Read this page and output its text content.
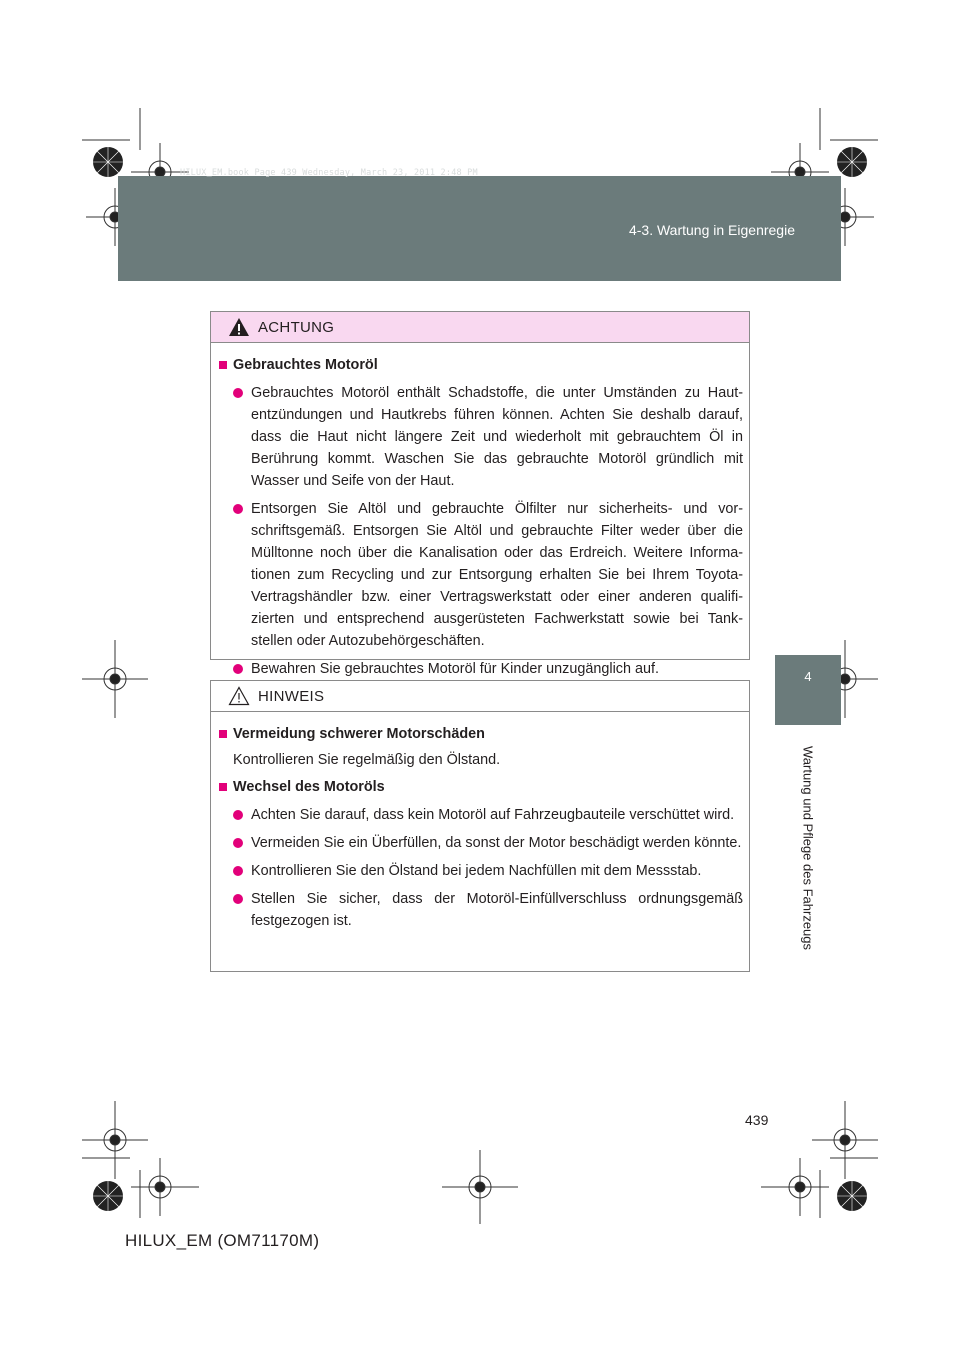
HILUX_EM.book Page 439 Wednesday, March 23, 2011 2:48 PM
4-3. Wartung in Eigenregie
4
Wartung und Pflege des Fahrzeugs
ACHTUNG
Gebrauchtes Motoröl
Gebrauchtes Motoröl enthält Schadstoffe, die unter Umständen zu Haut-entzündungen und Hautkrebs führen können. Achten Sie deshalb darauf, dass die Haut nicht längere Zeit und wiederholt mit gebrauchtem Öl in Berührung kommt. Waschen Sie das gebrauchte Motoröl gründlich mit Wasser und Seife von der Haut.
Entsorgen Sie Altöl und gebrauchte Ölfilter nur sicherheits- und vor-schriftsgemäß. Entsorgen Sie Altöl und gebrauchte Filter weder über die Mülltonne noch über die Kanalisation oder das Erdreich. Weitere Informa-tionen zum Recycling und zur Entsorgung erhalten Sie bei Ihrem Toyota-Vertragshändler bzw. einer Vertragswerkstatt oder einer anderen qualifi-zierten und entsprechend ausgerüsteten Fachwerkstatt sowie bei Tank-stellen oder Autozubehörgeschäften.
Bewahren Sie gebrauchtes Motoröl für Kinder unzugänglich auf.
HINWEIS
Vermeidung schwerer Motorschäden
Kontrollieren Sie regelmäßig den Ölstand.
Wechsel des Motoröls
Achten Sie darauf, dass kein Motoröl auf Fahrzeugbauteile verschüttet wird.
Vermeiden Sie ein Überfüllen, da sonst der Motor beschädigt werden könnte.
Kontrollieren Sie den Ölstand bei jedem Nachfüllen mit dem Messstab.
Stellen Sie sicher, dass der Motoröl-Einfüllverschluss ordnungsgemäß festgezogen ist.
439
HILUX_EM (OM71170M)
